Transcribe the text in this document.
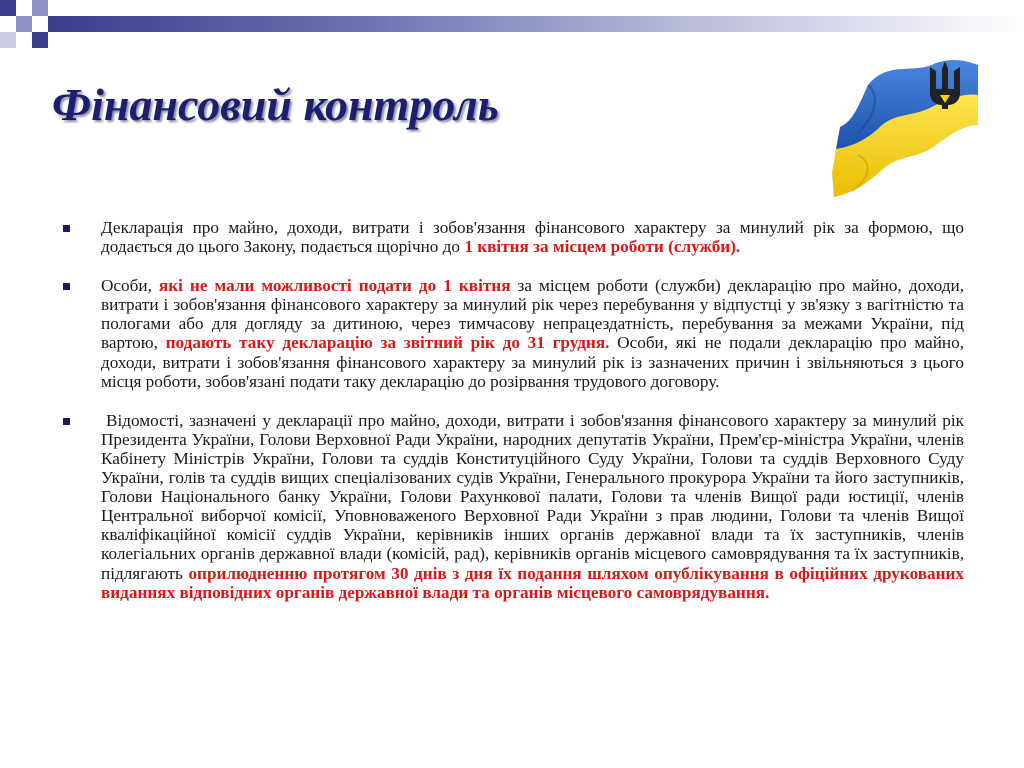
Фінансовий контроль
Декларація про майно, доходи, витрати і зобов'язання фінансового характеру за минулий рік за формою, що додається до цього Закону, подається щорічно до 1 квітня за місцем роботи (служби).
Особи, які не мали можливості подати до 1 квітня за місцем роботи (служби) декларацію про майно, доходи, витрати і зобов'язання фінансового характеру за минулий рік через перебування у відпустці у зв'язку з вагітністю та пологами або для догляду за дитиною, через тимчасову непрацездатність, перебування за межами України, під вартою, подають таку декларацію за звітний рік до 31 грудня. Особи, які не подали декларацію про майно, доходи, витрати і зобов'язання фінансового характеру за минулий рік із зазначених причин і звільняються з цього місця роботи, зобов'язані подати таку декларацію до розірвання трудового договору.
Відомості, зазначені у декларації про майно, доходи, витрати і зобов'язання фінансового характеру за минулий рік Президента України, Голови Верховної Ради України, народних депутатів України, Прем'єр-міністра України, членів Кабінету Міністрів України, Голови та суддів Конституційного Суду України, Голови та суддів Верховного Суду України, голів та суддів вищих спеціалізованих судів України, Генерального прокурора України та його заступників, Голови Національного банку України, Голови Рахункової палати, Голови та членів Вищої ради юстиції, членів Центральної виборчої комісії, Уповноваженого Верховної Ради України з прав людини, Голови та членів Вищої кваліфікаційної комісії суддів України, керівників інших органів державної влади та їх заступників, членів колегіальних органів державної влади (комісій, рад), керівників органів місцевого самоврядування та їх заступників, підлягають оприлюдненню протягом 30 днів з дня їх подання шляхом опублікування в офіційних друкованих виданнях відповідних органів державної влади та органів місцевого самоврядування.
